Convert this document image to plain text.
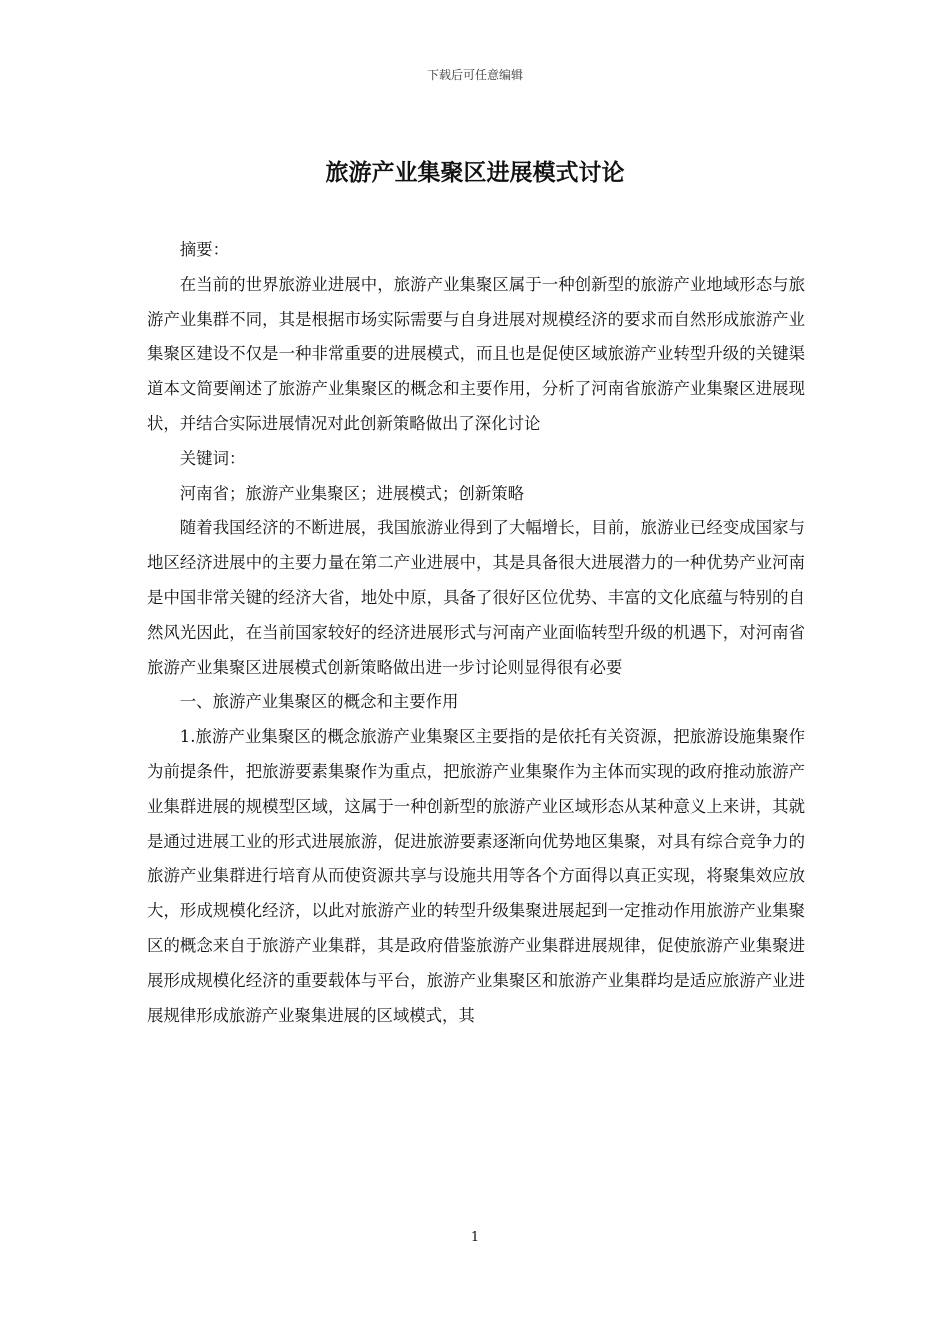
下载后可任意编辑
旅游产业集聚区进展模式讨论

摘要：

在当前的世界旅游业进展中，旅游产业集聚区属于一种创新型的旅游产业地域形态与旅游产业集群不同，其是根据市场实际需要与自身进展对规模经济的要求而自然形成旅游产业集聚区建设不仅是一种非常重要的进展模式，而且也是促使区域旅游产业转型升级的关键渠道本文简要阐述了旅游产业集聚区的概念和主要作用，分析了河南省旅游产业集聚区进展现状，并结合实际进展情况对此创新策略做出了深化讨论

关键词：

河南省；旅游产业集聚区；进展模式；创新策略

随着我国经济的不断进展，我国旅游业得到了大幅增长，目前，旅游业已经变成国家与地区经济进展中的主要力量在第二产业进展中，其是具备很大进展潜力的一种优势产业河南是中国非常关键的经济大省，地处中原，具备了很好区位优势、丰富的文化底蕴与特别的自然风光因此，在当前国家较好的经济进展形式与河南产业面临转型升级的机遇下，对河南省旅游产业集聚区进展模式创新策略做出进一步讨论则显得很有必要

一、旅游产业集聚区的概念和主要作用

1.旅游产业集聚区的概念旅游产业集聚区主要指的是依托有关资源，把旅游设施集聚作为前提条件，把旅游要素集聚作为重点，把旅游产业集聚作为主体而实现的政府推动旅游产业集群进展的规模型区域，这属于一种创新型的旅游产业区域形态从某种意义上来讲，其就是通过进展工业的形式进展旅游，促进旅游要素逐渐向优势地区集聚，对具有综合竞争力的旅游产业集群进行培育从而使资源共享与设施共用等各个方面得以真正实现，将聚集效应放大，形成规模化经济，以此对旅游产业的转型升级集聚进展起到一定推动作用旅游产业集聚区的概念来自于旅游产业集群，其是政府借鉴旅游产业集群进展规律，促使旅游产业集聚进展形成规模化经济的重要载体与平台，旅游产业集聚区和旅游产业集群均是适应旅游产业进展规律形成旅游产业聚集进展的区域模式，其

1
